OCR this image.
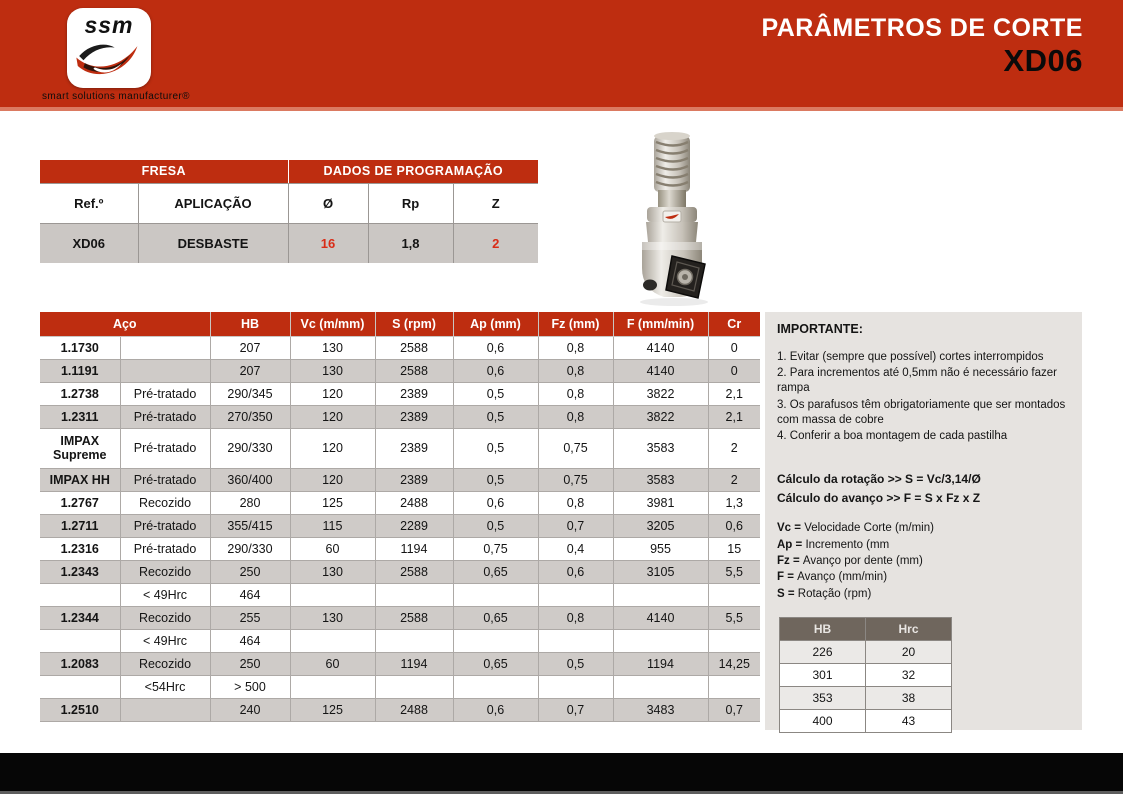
ssm
smart solutions manufacturer®
PARÂMETROS DE CORTE
XD06
FRESA		DADOS DE PROGRAMAÇÃO		
Ref.º	APLICAÇÃO	Ø	Rp	Z
XD06	DESBASTE	16	1,8	2
Aço		HB	Vc (m/mm)	S (rpm)	Ap (mm)	Fz (mm)	F (mm/min)	Cr
1.1730		207	130	2588	0,6	0,8	4140	0
1.1191		207	130	2588	0,6	0,8	4140	0
1.2738	Pré-tratado	290/345	120	2389	0,5	0,8	3822	2,1
1.2311	Pré-tratado	270/350	120	2389	0,5	0,8	3822	2,1
IMPAX Supreme	Pré-tratado	290/330	120	2389	0,5	0,75	3583	2
IMPAX HH	Pré-tratado	360/400	120	2389	0,5	0,75	3583	2
1.2767	Recozido	280	125	2488	0,6	0,8	3981	1,3
1.2711	Pré-tratado	355/415	115	2289	0,5	0,7	3205	0,6
1.2316	Pré-tratado	290/330	60	1194	0,75	0,4	955	15
1.2343	Recozido	250	130	2588	0,65	0,6	3105	5,5
	< 49Hrc	464						
1.2344	Recozido	255	130	2588	0,65	0,8	4140	5,5
	< 49Hrc	464						
1.2083	Recozido	250	60	1194	0,65	0,5	1194	14,25
	<54Hrc	> 500						
1.2510		240	125	2488	0,6	0,7	3483	0,7
IMPORTANTE:
1. Evitar (sempre que possível) cortes interrompidos
2. Para incrementos até 0,5mm não é necessário fazer rampa
3. Os parafusos têm obrigatoriamente que ser montados com massa de cobre
4. Conferir a boa montagem de cada pastilha
Cálculo da rotação >> S = Vc/3,14/Ø
Cálculo do avanço >> F = S x Fz x Z
Vc = Velocidade Corte (m/min)
Ap = Incremento (mm
Fz = Avanço por dente (mm)
F = Avanço (mm/min)
S = Rotação (rpm)
HB	Hrc
226	20
301	32
353	38
400	43
